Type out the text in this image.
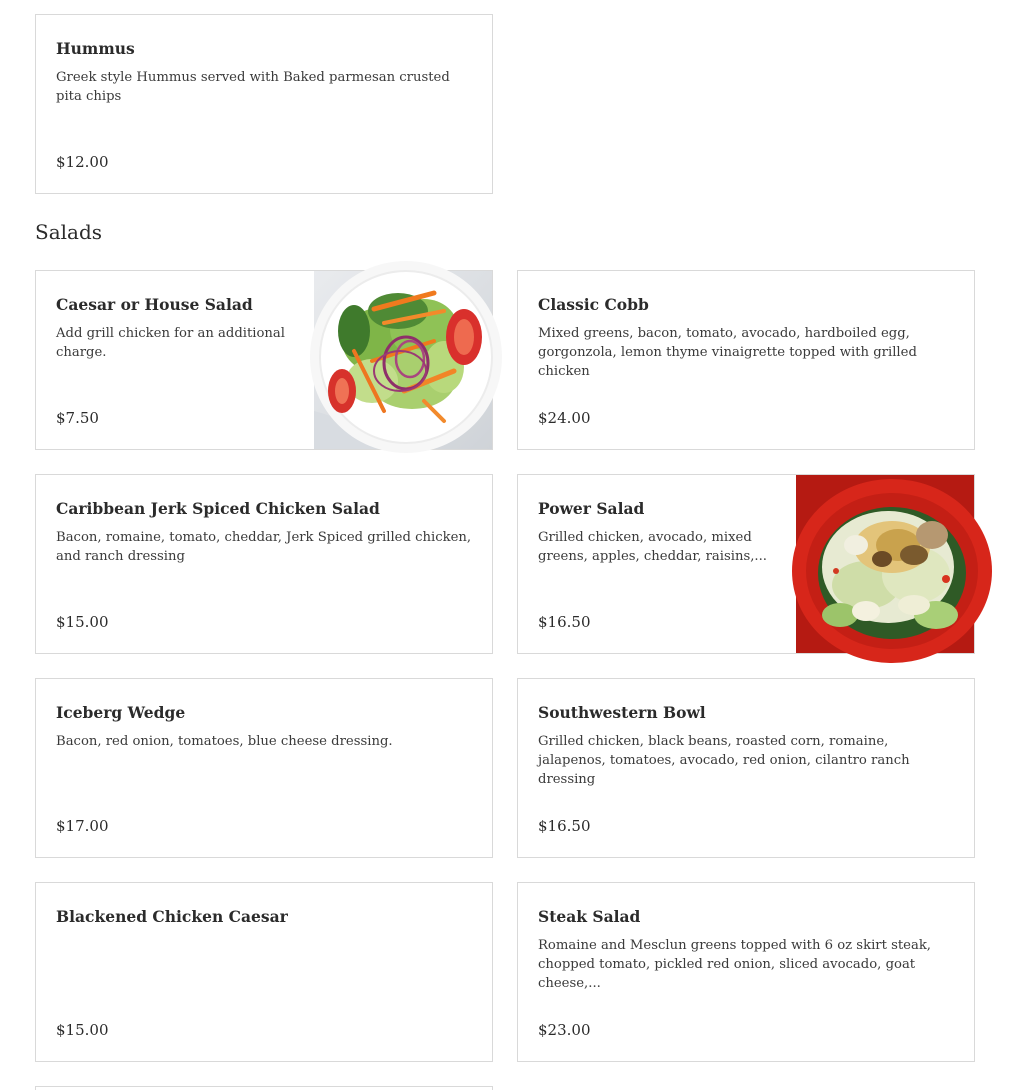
Hummus
Greek style Hummus served with Baked parmesan crusted pita chips
$12.00
Salads
Caesar or House Salad
Add grill chicken for an additional charge.
$7.50
Classic Cobb
Mixed greens, bacon, tomato, avocado, hardboiled egg, gorgonzola, lemon thyme vinaigrette topped with grilled chicken
$24.00
Caribbean Jerk Spiced Chicken Salad
Bacon, romaine, tomato, cheddar, Jerk Spiced grilled chicken, and ranch dressing
$15.00
Power Salad
Grilled chicken, avocado, mixed greens, apples, cheddar, raisins,...
$16.50
Iceberg Wedge
Bacon, red onion, tomatoes, blue cheese dressing.
$17.00
Southwestern Bowl
Grilled chicken, black beans, roasted corn, romaine, jalapenos, tomatoes, avocado, red onion, cilantro ranch dressing
$16.50
Blackened Chicken Caesar
$15.00
Steak Salad
Romaine and Mesclun greens topped with 6 oz skirt steak, chopped tomato, pickled red onion, sliced avocado, goat cheese,...
$23.00
